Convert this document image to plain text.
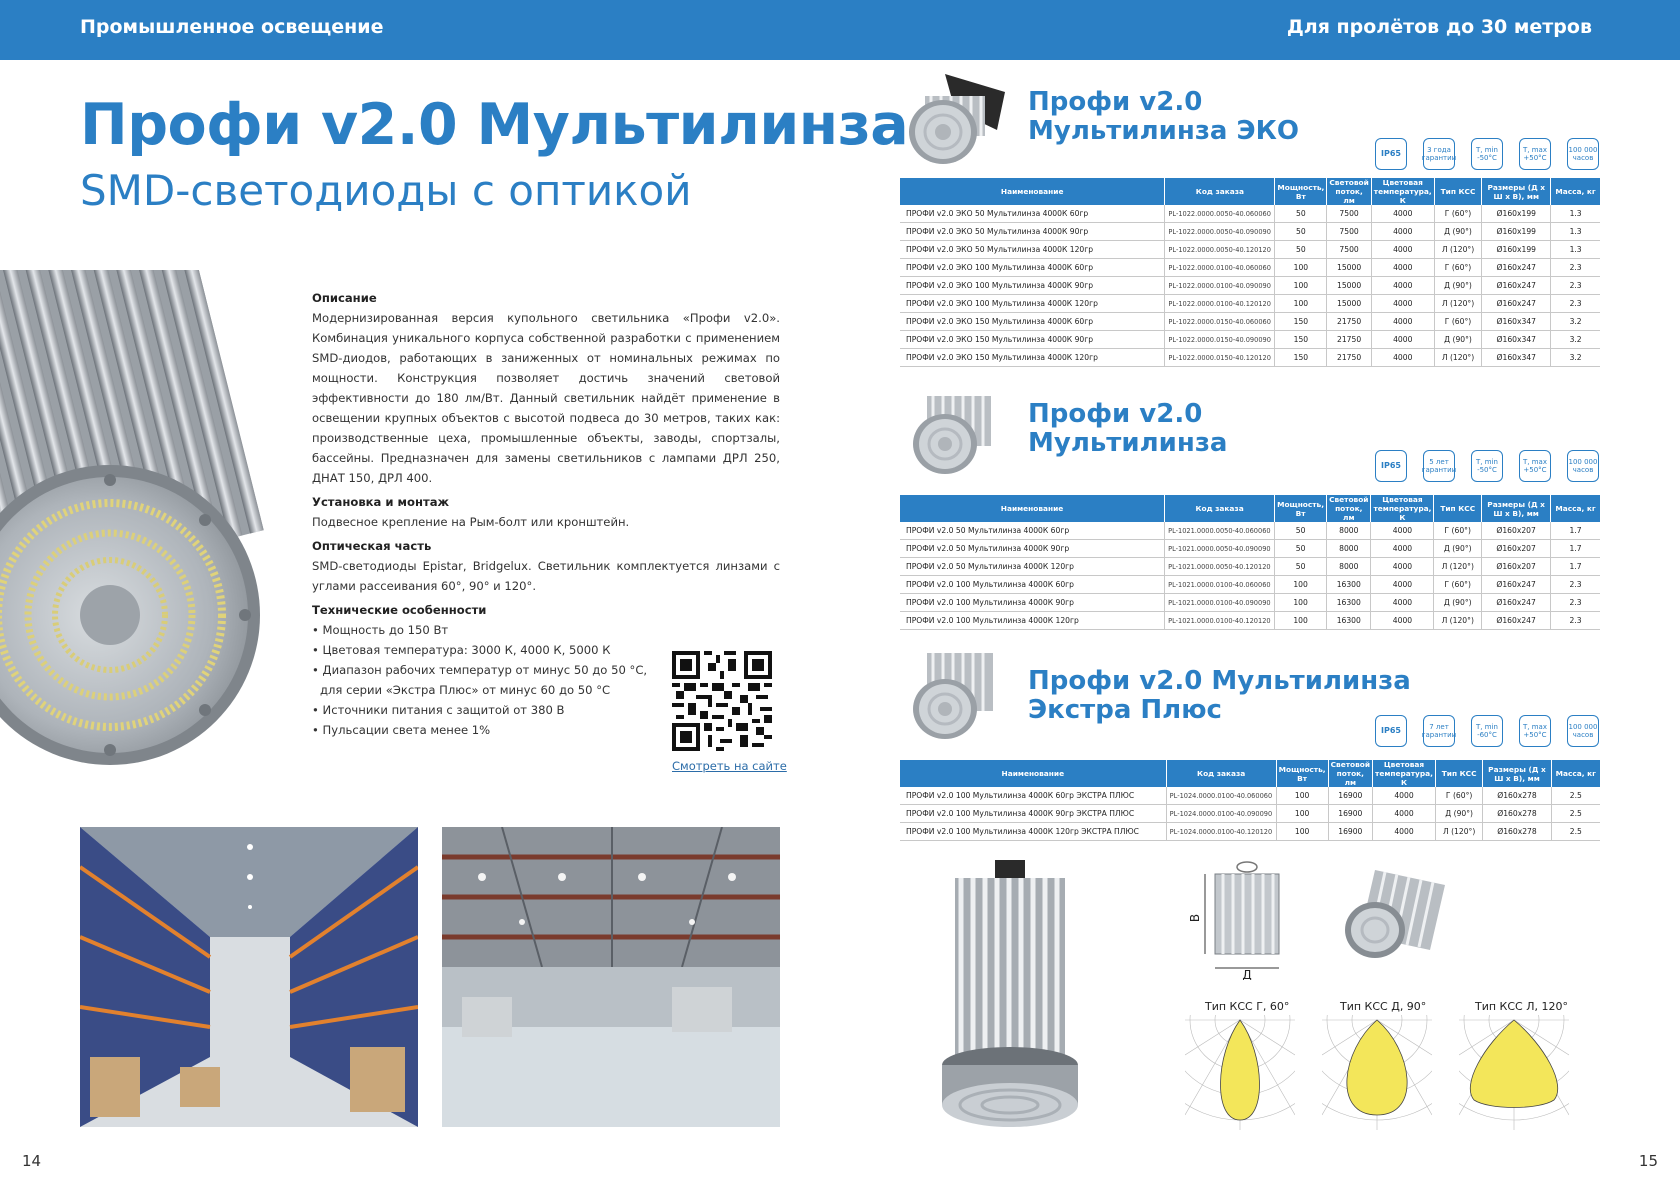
Промышленное освещение	Для пролётов до 30 метров
Профи v2.0 Мультилинза
SMD-светодиоды с оптикой
Описание

Модернизированная версия купольного светильника «Профи v2.0». Комбинация уникального корпуса собственной разработки с применением SMD-диодов, работающих в заниженных от номинальных режимах по мощности. Конструкция позволяет достичь значений световой эффективности до 180 лм/Вт. Данный светильник найдёт применение в освещении крупных объектов с высотой подвеса до 30 метров, таких как: производственные цеха, промышленные объекты, заводы, спортзалы, бассейны. Предназначен для замены светильников с лампами ДРЛ 250, ДНАТ 150, ДРЛ 400.

Установка и монтаж

Подвесное крепление на Рым-болт или кронштейн.

Оптическая часть

SMD-светодиоды Epistar, Bridgelux. Светильник комплектуется линзами с углами рассеивания 60°, 90° и 120°.

Технические особенности
• Мощность до 150 Вт
• Цветовая температура: 3000 К, 4000 К, 5000 К
• Диапазон рабочих температур от минус 50 до 50 °С,
для серии «Экстра Плюс» от минус 60 до 50 °С
• Источники питания с защитой от 380 В
• Пульсации света менее 1%
Смотреть на сайте
14	15
Профи v2.0
Мультилинза ЭКО
IP65	3 года гарантии
T, min -50°C
T, max +50°C
100 000 часов
Наименование	Код заказа	Мощность, Вт	Световой поток, лм	Цветовая температура, К	Тип КСС	Размеры (Д х Ш х В), мм	Масса, кг
ПРОФИ v2.0 ЭКО 50 Мультилинза 4000К 60гр	PL-1022.0000.0050-40.060060	50	7500	4000	Г (60°)	Ø160х199	1.3
ПРОФИ v2.0 ЭКО 50 Мультилинза 4000К 90гр	PL-1022.0000.0050-40.090090	50	7500	4000	Д (90°)	Ø160х199	1.3
ПРОФИ v2.0 ЭКО 50 Мультилинза 4000К 120гр	PL-1022.0000.0050-40.120120	50	7500	4000	Л (120°)	Ø160х199	1.3
ПРОФИ v2.0 ЭКО 100 Мультилинза 4000К 60гр	PL-1022.0000.0100-40.060060	100	15000	4000	Г (60°)	Ø160х247	2.3
ПРОФИ v2.0 ЭКО 100 Мультилинза 4000К 90гр	PL-1022.0000.0100-40.090090	100	15000	4000	Д (90°)	Ø160х247	2.3
ПРОФИ v2.0 ЭКО 100 Мультилинза 4000К 120гр	PL-1022.0000.0100-40.120120	100	15000	4000	Л (120°)	Ø160х247	2.3
ПРОФИ v2.0 ЭКО 150 Мультилинза 4000К 60гр	PL-1022.0000.0150-40.060060	150	21750	4000	Г (60°)	Ø160х347	3.2
ПРОФИ v2.0 ЭКО 150 Мультилинза 4000К 90гр	PL-1022.0000.0150-40.090090	150	21750	4000	Д (90°)	Ø160х347	3.2
ПРОФИ v2.0 ЭКО 150 Мультилинза 4000К 120гр	PL-1022.0000.0150-40.120120	150	21750	4000	Л (120°)	Ø160х347	3.2
Профи v2.0
Мультилинза
IP65	5 лет гарантии
T, min -50°C
T, max +50°C
100 000 часов
Наименование	Код заказа	Мощность, Вт	Световой поток, лм	Цветовая температура, К	Тип КСС	Размеры (Д х Ш х В), мм	Масса, кг
ПРОФИ v2.0 50 Мультилинза 4000К 60гр	PL-1021.0000.0050-40.060060	50	8000	4000	Г (60°)	Ø160х207	1.7
ПРОФИ v2.0 50 Мультилинза 4000К 90гр	PL-1021.0000.0050-40.090090	50	8000	4000	Д (90°)	Ø160х207	1.7
ПРОФИ v2.0 50 Мультилинза 4000К 120гр	PL-1021.0000.0050-40.120120	50	8000	4000	Л (120°)	Ø160х207	1.7
ПРОФИ v2.0 100 Мультилинза 4000К 60гр	PL-1021.0000.0100-40.060060	100	16300	4000	Г (60°)	Ø160х247	2.3
ПРОФИ v2.0 100 Мультилинза 4000К 90гр	PL-1021.0000.0100-40.090090	100	16300	4000	Д (90°)	Ø160х247	2.3
ПРОФИ v2.0 100 Мультилинза 4000К 120гр	PL-1021.0000.0100-40.120120	100	16300	4000	Л (120°)	Ø160х247	2.3
Профи v2.0 Мультилинза
Экстра Плюс
IP65	7 лет гарантии
T, min -60°C
T, max +50°C
100 000 часов
Наименование	Код заказа	Мощность, Вт	Световой поток, лм	Цветовая температура, К	Тип КСС	Размеры (Д х Ш х В), мм	Масса, кг
ПРОФИ v2.0 100 Мультилинза 4000К 60гр ЭКСТРА ПЛЮС	PL-1024.0000.0100-40.060060	100	16900	4000	Г (60°)	Ø160х278	2.5
ПРОФИ v2.0 100 Мультилинза 4000К 90гр ЭКСТРА ПЛЮС	PL-1024.0000.0100-40.090090	100	16900	4000	Д (90°)	Ø160х278	2.5
ПРОФИ v2.0 100 Мультилинза 4000К 120гр ЭКСТРА ПЛЮС	PL-1024.0000.0100-40.120120	100	16900	4000	Л (120°)	Ø160х278	2.5
В
Д
Тип КСС Г, 60°	Тип КСС Д, 90°	Тип КСС Л, 120°
